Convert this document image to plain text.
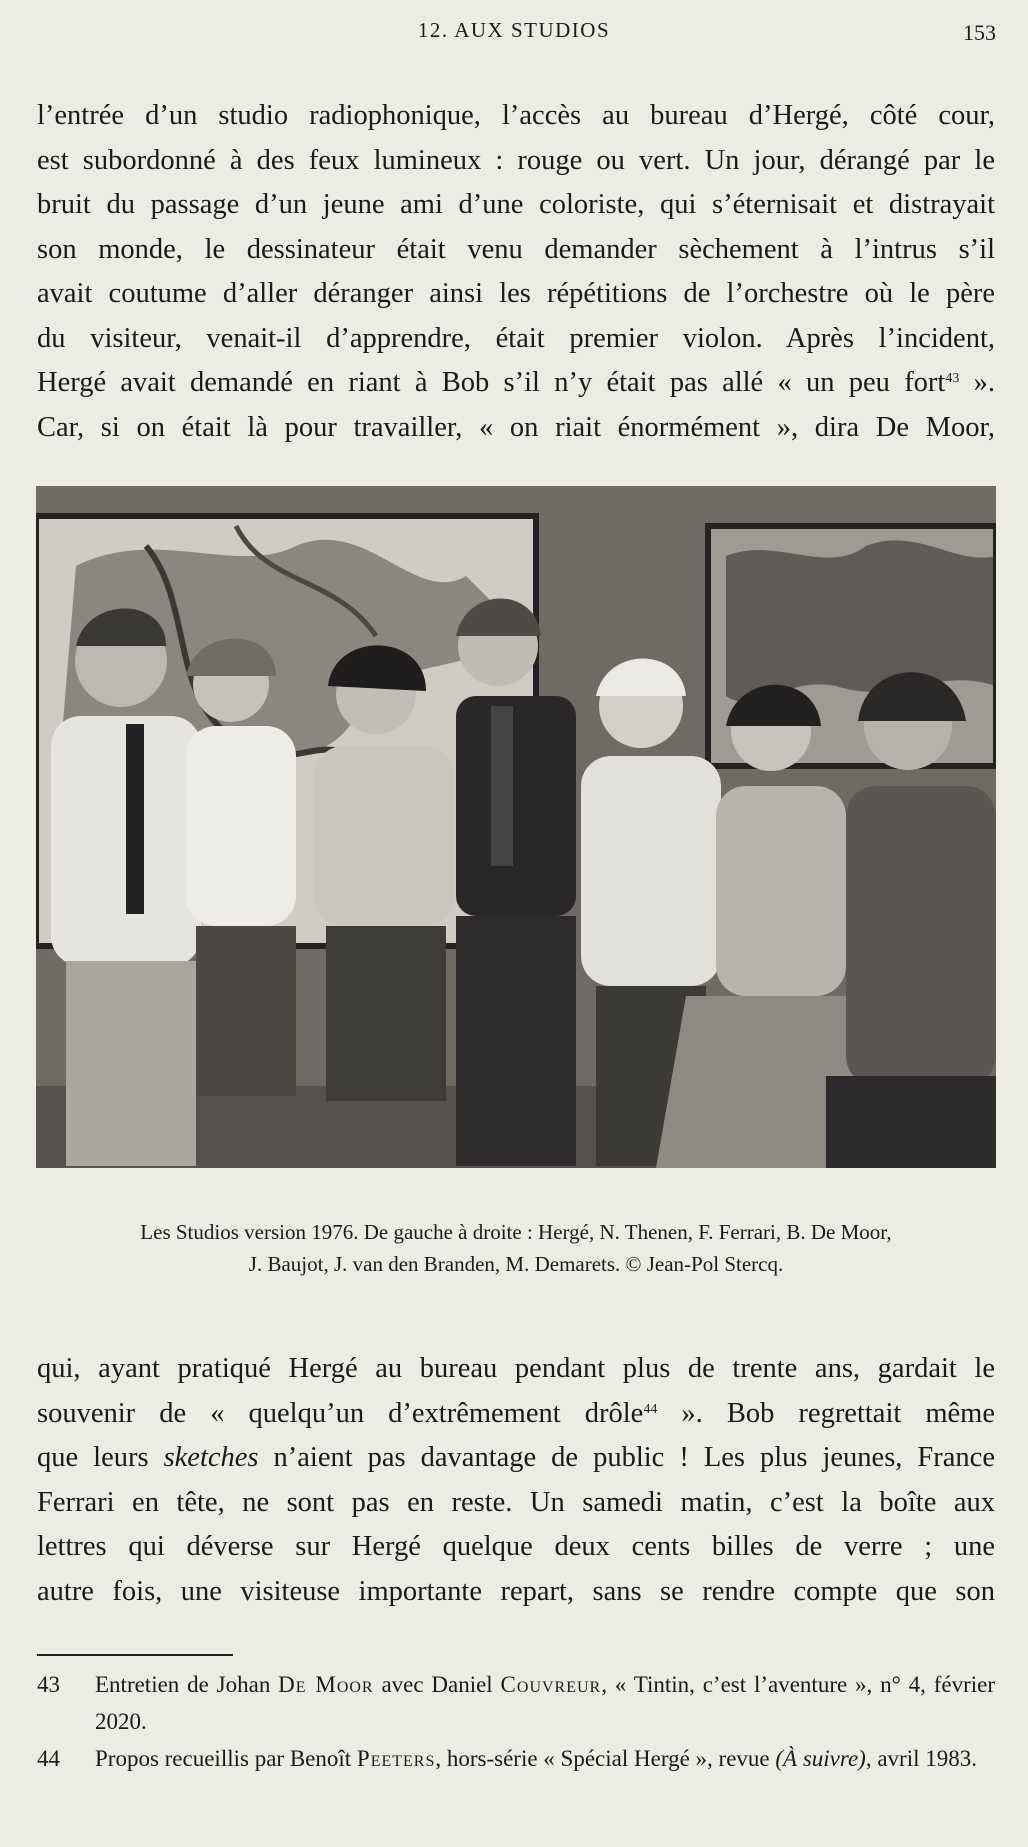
12. AUX STUDIOS	153
l’entrée d’un studio radiophonique, l’accès au bureau d’Hergé, côté cour,
est subordonné à des feux lumineux : rouge ou vert. Un jour, dérangé par le
bruit du passage d’un jeune ami d’une coloriste, qui s’éternisait et distrayait
son monde, le dessinateur était venu demander sèchement à l’intrus s’il
avait coutume d’aller déranger ainsi les répétitions de l’orchestre où le père
du visiteur, venait-il d’apprendre, était premier violon. Après l’incident,
Hergé avait demandé en riant à Bob s’il n’y était pas allé « un peu fort$^{43}$ ».
Car, si on était là pour travailler, « on riait énormément », dira De Moor,
Les Studios version 1976. De gauche à droite : Hergé, N. Thenen, F. Ferrari, B. De Moor,
J. Baujot, J. van den Branden, M. Demarets. © Jean-Pol Stercq.
qui, ayant pratiqué Hergé au bureau pendant plus de trente ans, gardait le
souvenir de « quelqu’un d’extrêmement drôle$^{44}$ ». Bob regrettait même
que leurs sketches n’aient pas davantage de public ! Les plus jeunes, France
Ferrari en tête, ne sont pas en reste. Un samedi matin, c’est la boîte aux
lettres qui déverse sur Hergé quelque deux cents billes de verre ; une
autre fois, une visiteuse importante repart, sans se rendre compte que son
43	Entretien de Johan De Moor avec Daniel Couvreur, « Tintin, c’est l’aventure », n° 4, février 2020.
44	Propos recueillis par Benoît Peeters, hors-série « Spécial Hergé », revue (À suivre), avril 1983.
